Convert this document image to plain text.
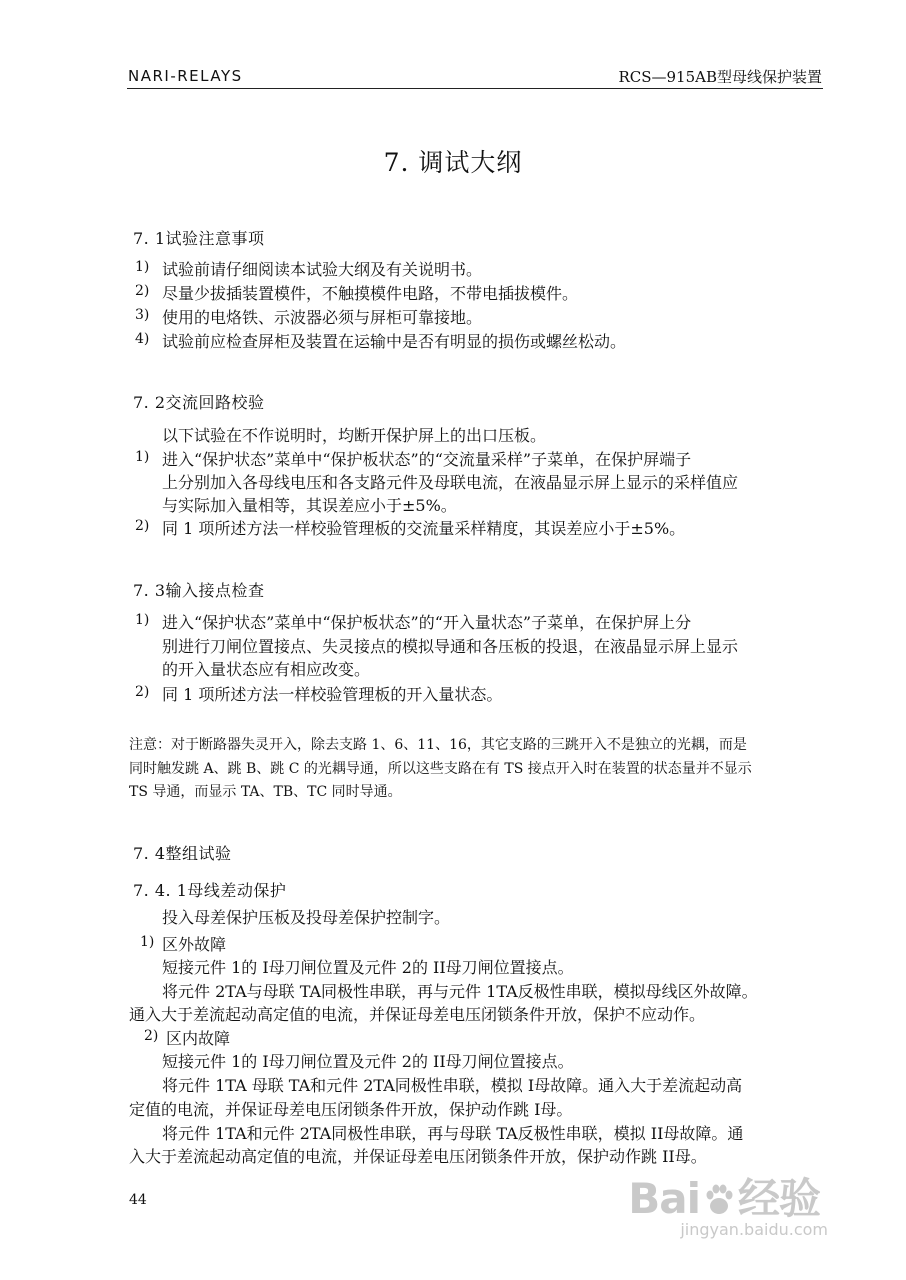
NARI-RELAYS	RCS—915AB型母线保护装置
7. 调试大纲
7. 1试验注意事项
1) 试验前请仔细阅读本试验大纲及有关说明书。
2) 尽量少拔插装置模件，不触摸模件电路，不带电插拔模件。
3) 使用的电烙铁、示波器必须与屏柜可靠接地。
4) 试验前应检查屏柜及装置在运输中是否有明显的损伤或螺丝松动。
7. 2交流回路校验
以下试验在不作说明时，均断开保护屏上的出口压板。
1) 进入“保护状态”菜单中“保护板状态”的“交流量采样”子菜单，在保护屏端子
上分别加入各母线电压和各支路元件及母联电流，在液晶显示屏上显示的采样值应
与实际加入量相等，其误差应小于±5%。
2) 同 1 项所述方法一样校验管理板的交流量采样精度，其误差应小于±5%。
7. 3输入接点检查
1) 进入“保护状态”菜单中“保护板状态”的“开入量状态”子菜单，在保护屏上分
别进行刀闸位置接点、失灵接点的模拟导通和各压板的投退，在液晶显示屏上显示
的开入量状态应有相应改变。
2) 同 1 项所述方法一样校验管理板的开入量状态。
注意：对于断路器失灵开入，除去支路 1、6、11、16，其它支路的三跳开入不是独立的光耦，而是
同时触发跳 A、跳 B、跳 C 的光耦导通，所以这些支路在有 TS 接点开入时在装置的状态量并不显示
TS 导通，而显示 TA、TB、TC 同时导通。
7. 4整组试验
7. 4. 1母线差动保护
投入母差保护压板及投母差保护控制字。
1) 区外故障
短接元件 1的 I母刀闸位置及元件 2的 II母刀闸位置接点。
将元件 2TA与母联 TA同极性串联，再与元件 1TA反极性串联，模拟母线区外故障。
通入大于差流起动高定值的电流，并保证母差电压闭锁条件开放，保护不应动作。
2) 区内故障
短接元件 1的 I母刀闸位置及元件 2的 II母刀闸位置接点。
将元件 1TA 母联 TA和元件 2TA同极性串联，模拟 I母故障。通入大于差流起动高
定值的电流，并保证母差电压闭锁条件开放，保护动作跳 I母。
将元件 1TA和元件 2TA同极性串联，再与母联 TA反极性串联，模拟 II母故障。通
入大于差流起动高定值的电流，并保证母差电压闭锁条件开放，保护动作跳 II母。
44	Bai 经验
jingyan.baidu.com
